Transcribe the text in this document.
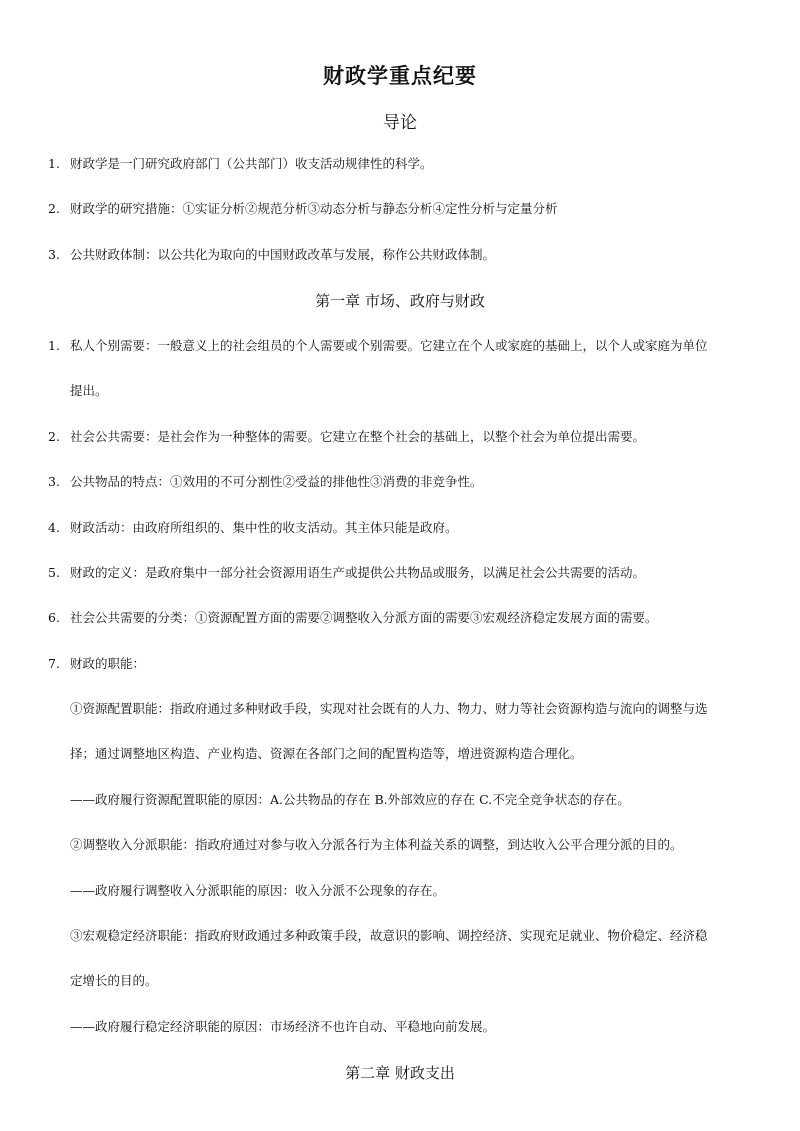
财政学重点纪要
导论
1. 财政学是一门研究政府部门（公共部门）收支活动规律性的科学。
2. 财政学的研究措施：①实证分析②规范分析③动态分析与静态分析④定性分析与定量分析
3. 公共财政体制：以公共化为取向的中国财政改革与发展，称作公共财政体制。
第一章 市场、政府与财政
1. 私人个别需要：一般意义上的社会组员的个人需要或个别需要。它建立在个人或家庭的基础上，以个人或家庭为单位
提出。
2. 社会公共需要：是社会作为一种整体的需要。它建立在整个社会的基础上，以整个社会为单位提出需要。
3. 公共物品的特点：①效用的不可分割性②受益的排他性③消费的非竞争性。
4. 财政活动：由政府所组织的、集中性的收支活动。其主体只能是政府。
5. 财政的定义：是政府集中一部分社会资源用语生产或提供公共物品或服务，以满足社会公共需要的活动。
6. 社会公共需要的分类：①资源配置方面的需要②调整收入分派方面的需要③宏观经济稳定发展方面的需要。
7. 财政的职能：
①资源配置职能：指政府通过多种财政手段，实现对社会既有的人力、物力、财力等社会资源构造与流向的调整与选
择；通过调整地区构造、产业构造、资源在各部门之间的配置构造等，增进资源构造合理化。
——政府履行资源配置职能的原因：A.公共物品的存在 B.外部效应的存在 C.不完全竞争状态的存在。
②调整收入分派职能：指政府通过对参与收入分派各行为主体利益关系的调整，到达收入公平合理分派的目的。
——政府履行调整收入分派职能的原因：收入分派不公现象的存在。
③宏观稳定经济职能：指政府财政通过多种政策手段，故意识的影响、调控经济、实现充足就业、物价稳定、经济稳
定增长的目的。
——政府履行稳定经济职能的原因：市场经济不也许自动、平稳地向前发展。
第二章 财政支出
